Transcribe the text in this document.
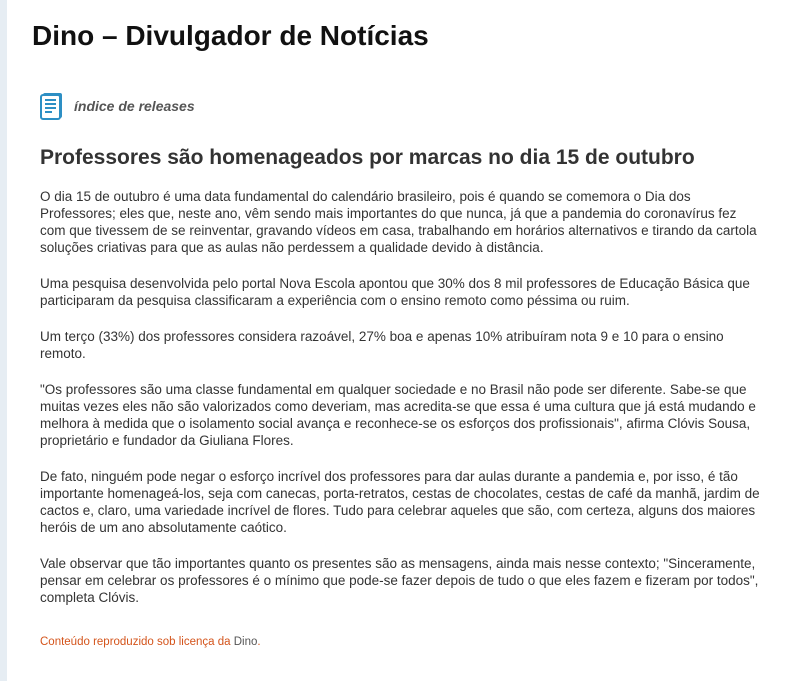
Dino – Divulgador de Notícias
índice de releases
Professores são homenageados por marcas no dia 15 de outubro

O dia 15 de outubro é uma data fundamental do calendário brasileiro, pois é quando se comemora o Dia dos Professores; eles que, neste ano, vêm sendo mais importantes do que nunca, já que a pandemia do coronavírus fez com que tivessem de se reinventar, gravando vídeos em casa, trabalhando em horários alternativos e tirando da cartola soluções criativas para que as aulas não perdessem a qualidade devido à distância.

Uma pesquisa desenvolvida pelo portal Nova Escola apontou que 30% dos 8 mil professores de Educação Básica que participaram da pesquisa classificaram a experiência com o ensino remoto como péssima ou ruim.

Um terço (33%) dos professores considera razoável, 27% boa e apenas 10% atribuíram nota 9 e 10 para o ensino remoto.

"Os professores são uma classe fundamental em qualquer sociedade e no Brasil não pode ser diferente. Sabe-se que muitas vezes eles não são valorizados como deveriam, mas acredita-se que essa é uma cultura que já está mudando e melhora à medida que o isolamento social avança e reconhece-se os esforços dos profissionais", afirma Clóvis Sousa, proprietário e fundador da Giuliana Flores.

De fato, ninguém pode negar o esforço incrível dos professores para dar aulas durante a pandemia e, por isso, é tão importante homenageá-los, seja com canecas, porta-retratos, cestas de chocolates, cestas de café da manhã, jardim de cactos e, claro, uma variedade incrível de flores. Tudo para celebrar aqueles que são, com certeza, alguns dos maiores heróis de um ano absolutamente caótico.

Vale observar que tão importantes quanto os presentes são as mensagens, ainda mais nesse contexto; "Sinceramente, pensar em celebrar os professores é o mínimo que pode-se fazer depois de tudo o que eles fazem e fizeram por todos", completa Clóvis.

Conteúdo reproduzido sob licença da Dino.
